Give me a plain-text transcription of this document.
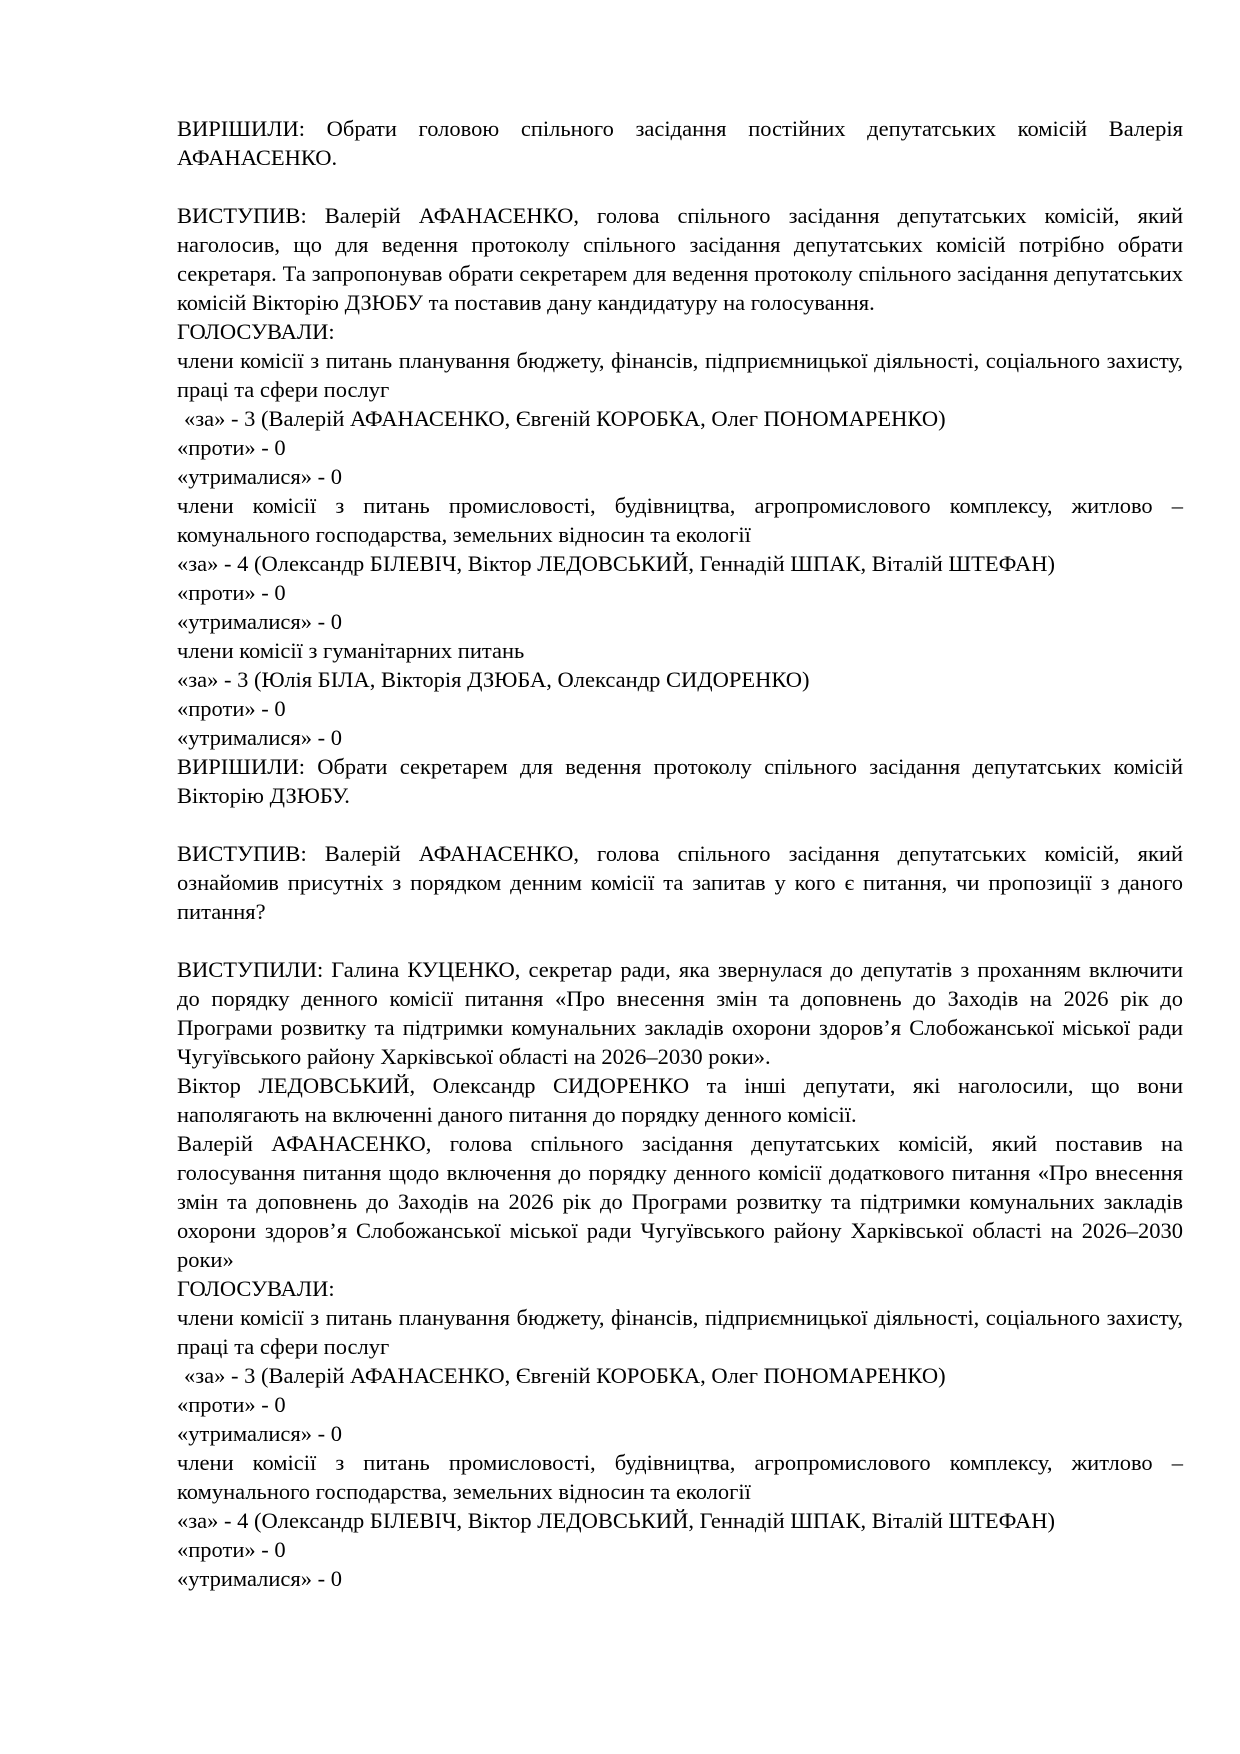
ВИРІШИЛИ: Обрати головою спільного засідання постійних депутатських комісій Валерія АФАНАСЕНКО.

ВИСТУПИВ: Валерій АФАНАСЕНКО, голова спільного засідання депутатських комісій, який наголосив, що для ведення протоколу спільного засідання депутатських комісій потрібно обрати секретаря. Та запропонував обрати секретарем для ведення протоколу спільного засідання депутатських комісій Вікторію ДЗЮБУ та поставив дану кандидатуру на голосування.

ГОЛОСУВАЛИ:

члени комісії з питань планування бюджету, фінансів, підприємницької діяльності, соціального захисту, праці та сфери послуг

«за» - 3 (Валерій АФАНАСЕНКО, Євгеній КОРОБКА, Олег ПОНОМАРЕНКО)

«проти» - 0

«утрималися» - 0

члени комісії з питань промисловості, будівництва, агропромислового комплексу, житлово – комунального господарства, земельних відносин та екології

«за» - 4 (Олександр БІЛЕВІЧ, Віктор ЛЕДОВСЬКИЙ, Геннадій ШПАК, Віталій ШТЕФАН)

«проти» - 0

«утрималися» - 0

члени комісії з гуманітарних питань

«за» - 3 (Юлія БІЛА, Вікторія ДЗЮБА, Олександр СИДОРЕНКО)

«проти» - 0

«утрималися» - 0

ВИРІШИЛИ: Обрати секретарем для ведення протоколу спільного засідання депутатських комісій Вікторію ДЗЮБУ.

ВИСТУПИВ: Валерій АФАНАСЕНКО, голова спільного засідання депутатських комісій, який ознайомив присутніх з порядком денним комісії та запитав у кого є питання, чи пропозиції з даного питання?

ВИСТУПИЛИ: Галина КУЦЕНКО, секретар ради, яка звернулася до депутатів з проханням включити до порядку денного комісії питання «Про внесення змін та доповнень до Заходів на 2026 рік до Програми розвитку та підтримки комунальних закладів охорони здоров’я Слобожанської міської ради Чугуївського району Харківської області на 2026–2030 роки».

Віктор ЛЕДОВСЬКИЙ, Олександр СИДОРЕНКО та інші депутати, які наголосили, що вони наполягають на включенні даного питання до порядку денного комісії.

Валерій АФАНАСЕНКО, голова спільного засідання депутатських комісій, який поставив на голосування питання щодо включення до порядку денного комісії додаткового питання «Про внесення змін та доповнень до Заходів на 2026 рік до Програми розвитку та підтримки комунальних закладів охорони здоров’я Слобожанської міської ради Чугуївського району Харківської області на 2026–2030 роки»

ГОЛОСУВАЛИ:

члени комісії з питань планування бюджету, фінансів, підприємницької діяльності, соціального захисту, праці та сфери послуг

«за» - 3 (Валерій АФАНАСЕНКО, Євгеній КОРОБКА, Олег ПОНОМАРЕНКО)

«проти» - 0

«утрималися» - 0

члени комісії з питань промисловості, будівництва, агропромислового комплексу, житлово – комунального господарства, земельних відносин та екології

«за» - 4 (Олександр БІЛЕВІЧ, Віктор ЛЕДОВСЬКИЙ, Геннадій ШПАК, Віталій ШТЕФАН)

«проти» - 0

«утрималися» - 0
